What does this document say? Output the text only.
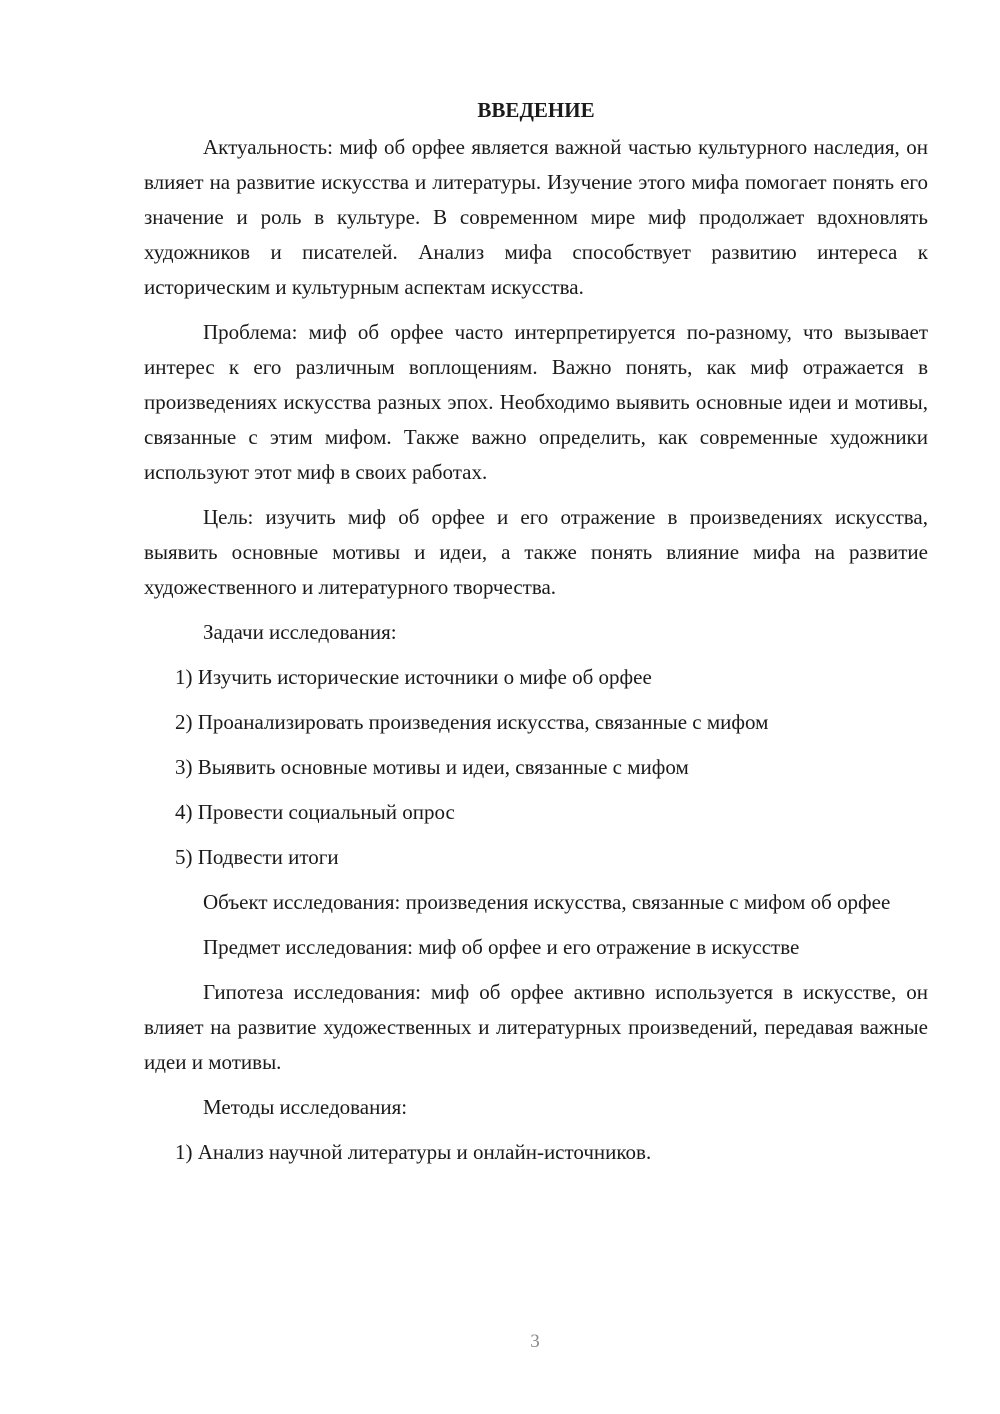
ВВЕДЕНИЕ

Актуальность: миф об орфее является важной частью культурного наследия, он влияет на развитие искусства и литературы. Изучение этого мифа помогает понять его значение и роль в культуре. В современном мире миф продолжает вдохновлять художников и писателей. Анализ мифа способствует развитию интереса к историческим и культурным аспектам искусства.

Проблема: миф об орфее часто интерпретируется по-разному, что вызывает интерес к его различным воплощениям. Важно понять, как миф отражается в произведениях искусства разных эпох. Необходимо выявить основные идеи и мотивы, связанные с этим мифом. Также важно определить, как современные художники используют этот миф в своих работах.

Цель: изучить миф об орфее и его отражение в произведениях искусства, выявить основные мотивы и идеи, а также понять влияние мифа на развитие художественного и литературного творчества.

Задачи исследования:

1) Изучить исторические источники о мифе об орфее

2) Проанализировать произведения искусства, связанные с мифом

3) Выявить основные мотивы и идеи, связанные с мифом

4) Провести социальный опрос

5) Подвести итоги

Объект исследования: произведения искусства, связанные с мифом об орфее

Предмет исследования: миф об орфее и его отражение в искусстве

Гипотеза исследования: миф об орфее активно используется в искусстве, он влияет на развитие художественных и литературных произведений, передавая важные идеи и мотивы.

Методы исследования:

1) Анализ научной литературы и онлайн-источников.

3
